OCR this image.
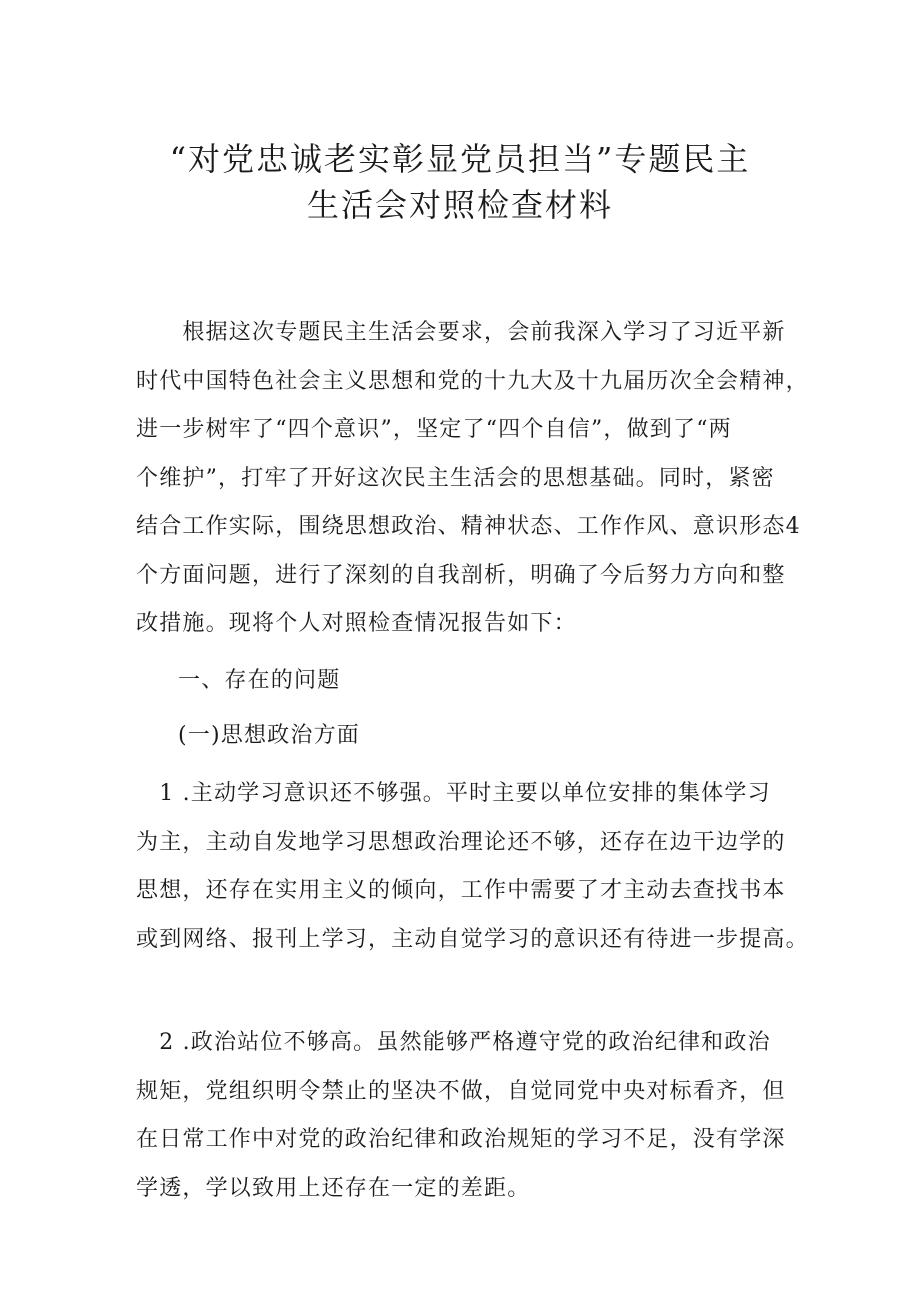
“对党忠诚老实彰显党员担当”专题民主
生活会对照检查材料

　　根据这次专题民主生活会要求，会前我深入学习了习近平新
时代中国特色社会主义思想和党的十九大及十九届历次全会精神，
进一步树牢了“四个意识”，坚定了“四个自信”，做到了“两
个维护”，打牢了开好这次民主生活会的思想基础。同时，紧密
结合工作实际，围绕思想政治、精神状态、工作作风、意识形态4
个方面问题，进行了深刻的自我剖析，明确了今后努力方向和整
改措施。现将个人对照检查情况报告如下：

一、存在的问题

(一)思想政治方面

　1 .主动学习意识还不够强。平时主要以单位安排的集体学习
为主，主动自发地学习思想政治理论还不够，还存在边干边学的
思想，还存在实用主义的倾向，工作中需要了才主动去查找书本
或到网络、报刊上学习，主动自觉学习的意识还有待进一步提高。

　2 .政治站位不够高。虽然能够严格遵守党的政治纪律和政治
规矩，党组织明令禁止的坚决不做，自觉同党中央对标看齐，但
在日常工作中对党的政治纪律和政治规矩的学习不足，没有学深
学透，学以致用上还存在一定的差距。
